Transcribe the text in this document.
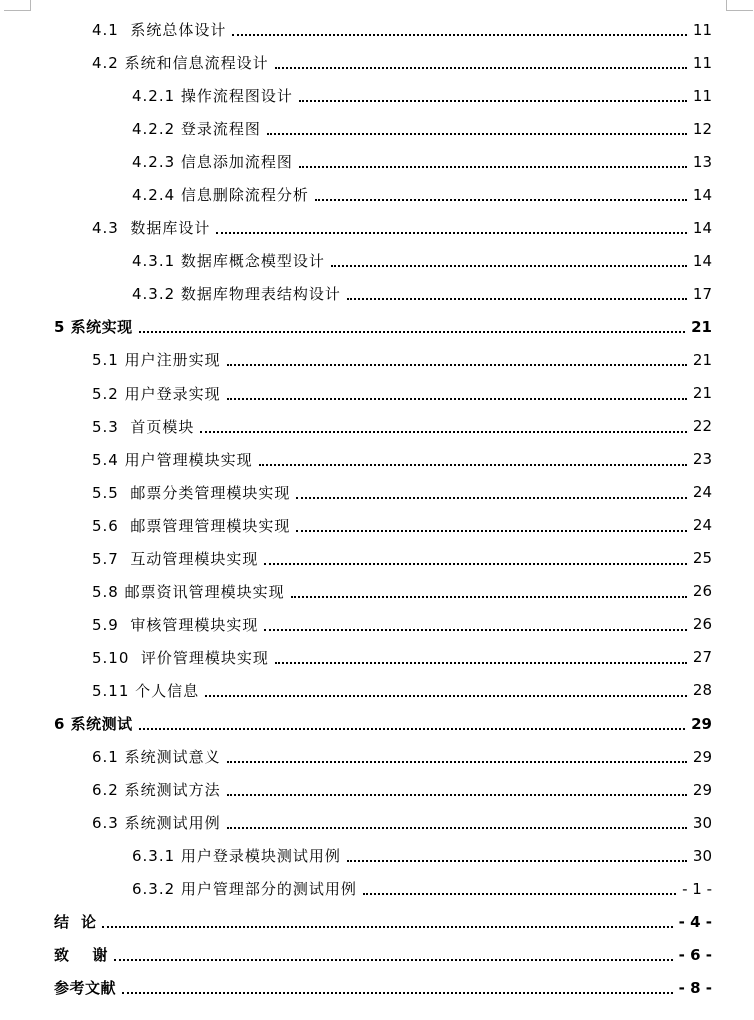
4.1  系统总体设计	11
4.2 系统和信息流程设计	11
4.2.1 操作流程图设计	11
4.2.2 登录流程图	12
4.2.3 信息添加流程图	13
4.2.4 信息删除流程分析	14
4.3  数据库设计	14
4.3.1 数据库概念模型设计	14
4.3.2 数据库物理表结构设计	17
5 系统实现	21
5.1 用户注册实现	21
5.2 用户登录实现	21
5.3  首页模块	22
5.4 用户管理模块实现	23
5.5  邮票分类管理模块实现	24
5.6  邮票管理管理模块实现	24
5.7  互动管理模块实现	25
5.8 邮票资讯管理模块实现	26
5.9  审核管理模块实现	26
5.10  评价管理模块实现	27
5.11 个人信息	28
6 系统测试	29
6.1 系统测试意义	29
6.2 系统测试方法	29
6.3 系统测试用例	30
6.3.1 用户登录模块测试用例	30
6.3.2 用户管理部分的测试用例	- 1 -
结  论	- 4 -
致    谢	- 6 -
参考文献	- 8 -
